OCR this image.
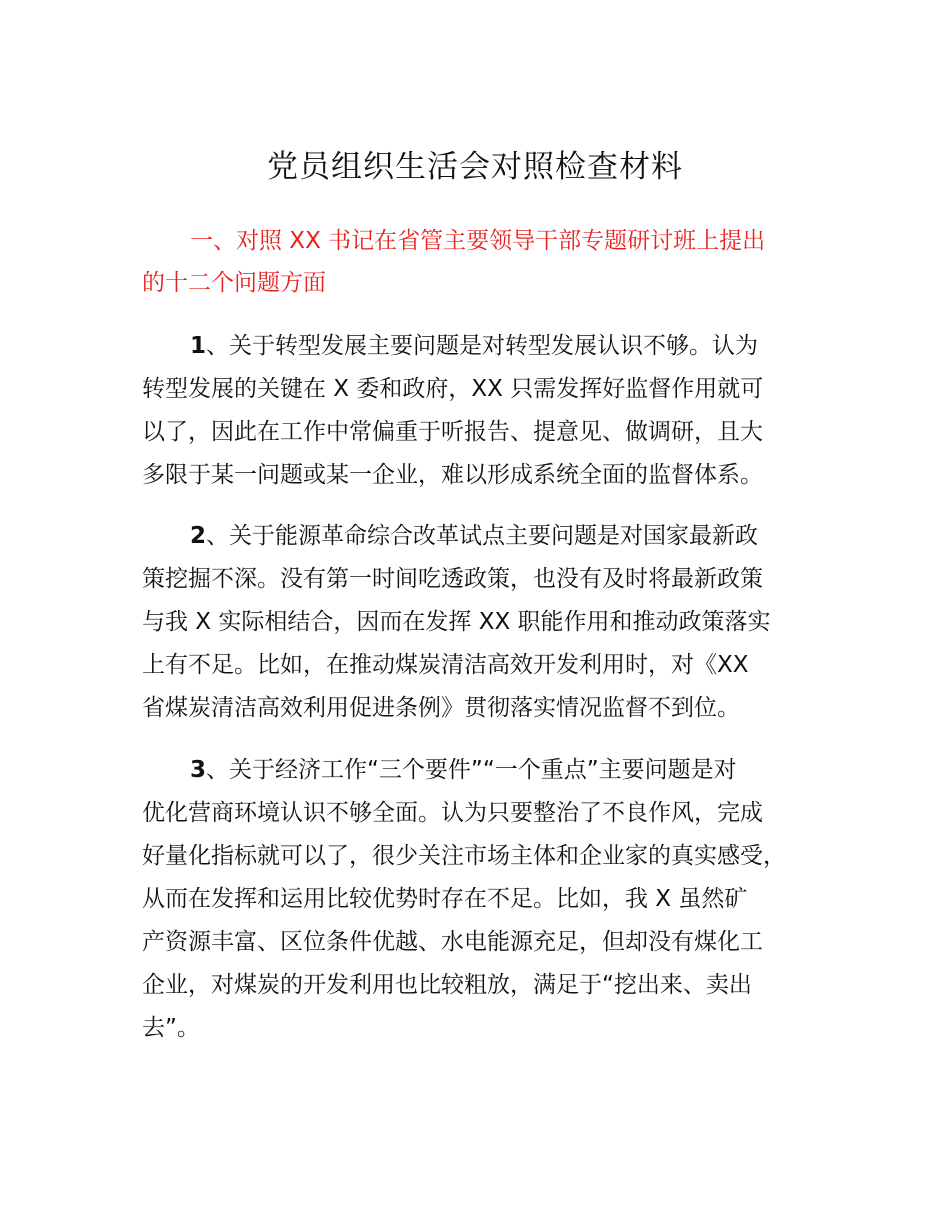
党员组织生活会对照检查材料

一、对照 XX 书记在省管主要领导干部专题研讨班上提出

的十二个问题方面

1、关于转型发展主要问题是对转型发展认识不够。认为

转型发展的关键在 X 委和政府，XX 只需发挥好监督作用就可

以了，因此在工作中常偏重于听报告、提意见、做调研，且大

多限于某一问题或某一企业，难以形成系统全面的监督体系。

2、关于能源革命综合改革试点主要问题是对国家最新政

策挖掘不深。没有第一时间吃透政策，也没有及时将最新政策

与我 X 实际相结合，因而在发挥 XX 职能作用和推动政策落实

上有不足。比如，在推动煤炭清洁高效开发利用时，对《XX

省煤炭清洁高效利用促进条例》贯彻落实情况监督不到位。

3、关于经济工作“三个要件”“一个重点”主要问题是对

优化营商环境认识不够全面。认为只要整治了不良作风，完成

好量化指标就可以了，很少关注市场主体和企业家的真实感受，

从而在发挥和运用比较优势时存在不足。比如，我 X 虽然矿

产资源丰富、区位条件优越、水电能源充足，但却没有煤化工

企业，对煤炭的开发利用也比较粗放，满足于“挖出来、卖出

去”。
